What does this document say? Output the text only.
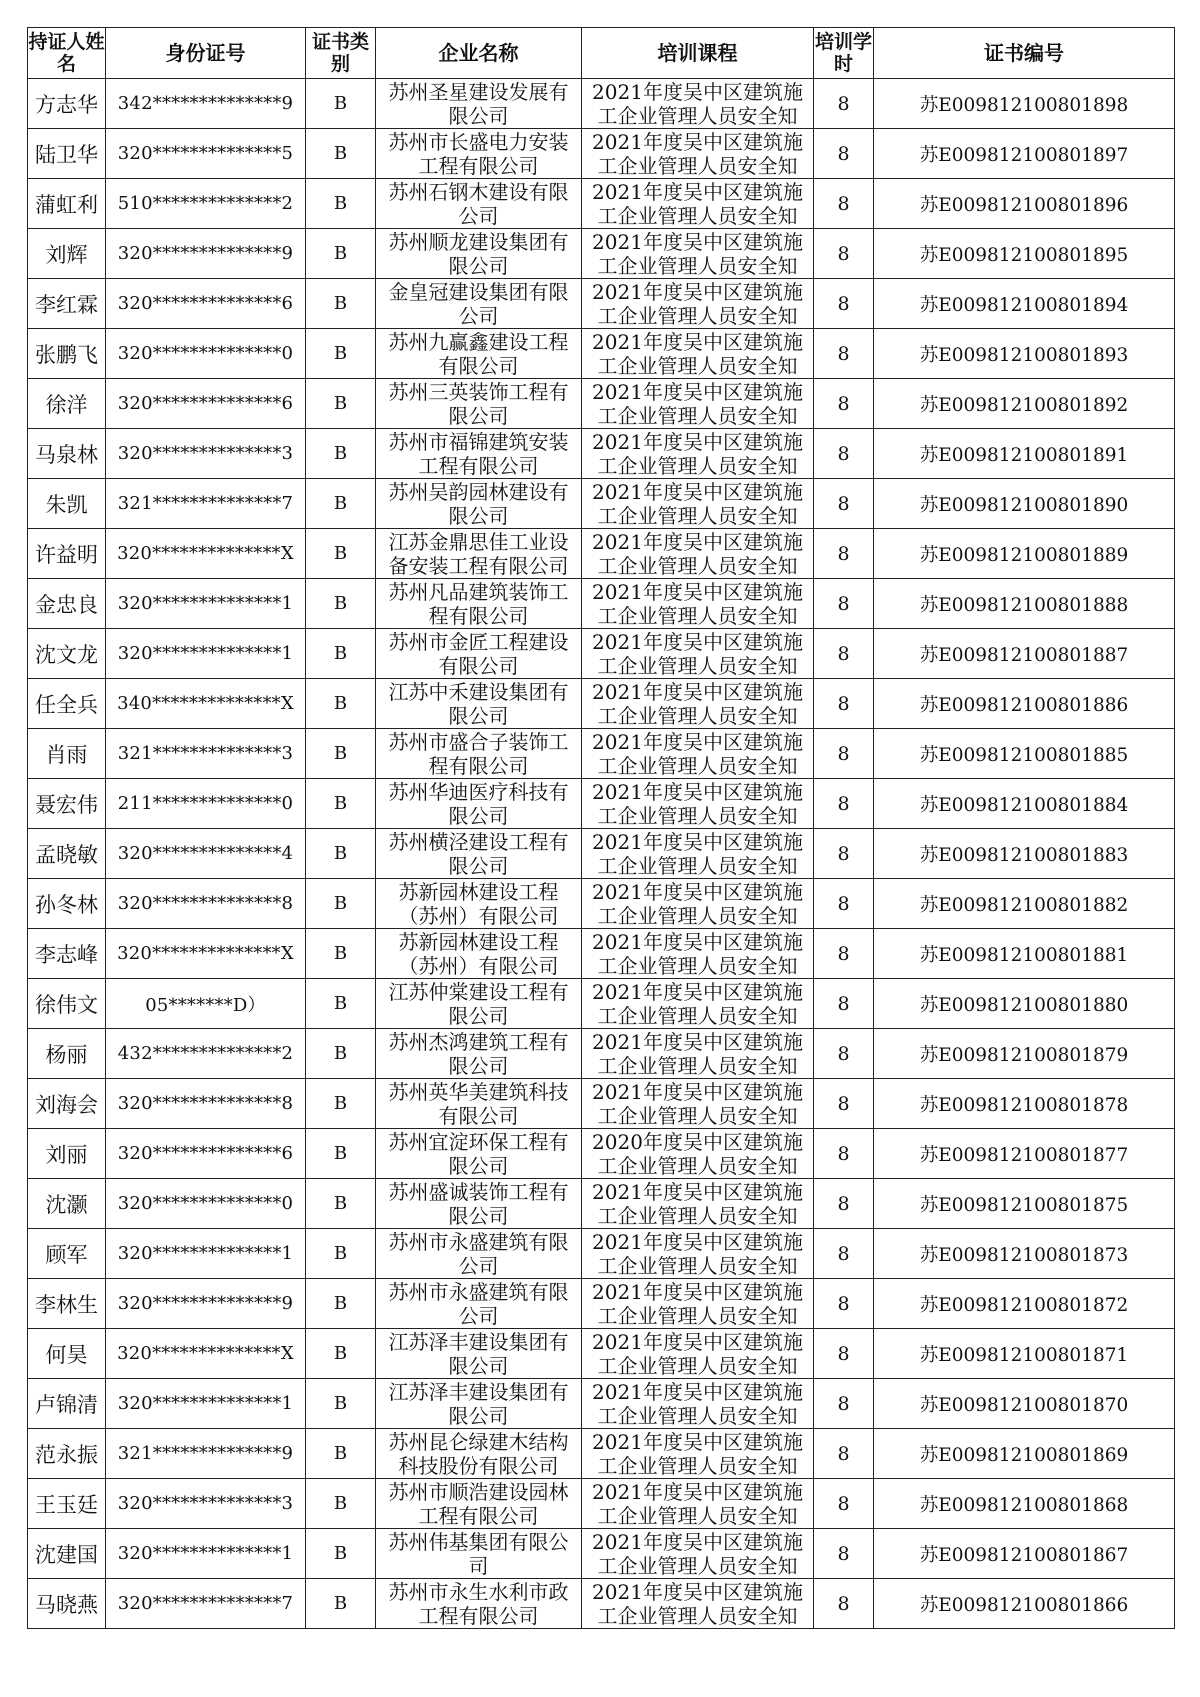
持证人姓名	身份证号	证书类别	企业名称	培训课程	培训学时	证书编号
方志华	342**************9	B	苏州圣星建设发展有限公司	2021年度吴中区建筑施工企业管理人员安全知	8	苏E009812100801898
陆卫华	320**************5	B	苏州市长盛电力安装工程有限公司	2021年度吴中区建筑施工企业管理人员安全知	8	苏E009812100801897
蒲虹利	510**************2	B	苏州石钢木建设有限公司	2021年度吴中区建筑施工企业管理人员安全知	8	苏E009812100801896
刘辉	320**************9	B	苏州顺龙建设集团有限公司	2021年度吴中区建筑施工企业管理人员安全知	8	苏E009812100801895
李红霖	320**************6	B	金皇冠建设集团有限公司	2021年度吴中区建筑施工企业管理人员安全知	8	苏E009812100801894
张鹏飞	320**************0	B	苏州九赢鑫建设工程有限公司	2021年度吴中区建筑施工企业管理人员安全知	8	苏E009812100801893
徐洋	320**************6	B	苏州三英装饰工程有限公司	2021年度吴中区建筑施工企业管理人员安全知	8	苏E009812100801892
马泉林	320**************3	B	苏州市福锦建筑安装工程有限公司	2021年度吴中区建筑施工企业管理人员安全知	8	苏E009812100801891
朱凯	321**************7	B	苏州吴韵园林建设有限公司	2021年度吴中区建筑施工企业管理人员安全知	8	苏E009812100801890
许益明	320**************X	B	江苏金鼎思佳工业设备安装工程有限公司	2021年度吴中区建筑施工企业管理人员安全知	8	苏E009812100801889
金忠良	320**************1	B	苏州凡品建筑装饰工程有限公司	2021年度吴中区建筑施工企业管理人员安全知	8	苏E009812100801888
沈文龙	320**************1	B	苏州市金匠工程建设有限公司	2021年度吴中区建筑施工企业管理人员安全知	8	苏E009812100801887
任全兵	340**************X	B	江苏中禾建设集团有限公司	2021年度吴中区建筑施工企业管理人员安全知	8	苏E009812100801886
肖雨	321**************3	B	苏州市盛合子装饰工程有限公司	2021年度吴中区建筑施工企业管理人员安全知	8	苏E009812100801885
聂宏伟	211**************0	B	苏州华迪医疗科技有限公司	2021年度吴中区建筑施工企业管理人员安全知	8	苏E009812100801884
孟晓敏	320**************4	B	苏州横泾建设工程有限公司	2021年度吴中区建筑施工企业管理人员安全知	8	苏E009812100801883
孙冬林	320**************8	B	苏新园林建设工程（苏州）有限公司	2021年度吴中区建筑施工企业管理人员安全知	8	苏E009812100801882
李志峰	320**************X	B	苏新园林建设工程（苏州）有限公司	2021年度吴中区建筑施工企业管理人员安全知	8	苏E009812100801881
徐伟文	05*******D）	B	江苏仲棠建设工程有限公司	2021年度吴中区建筑施工企业管理人员安全知	8	苏E009812100801880
杨丽	432**************2	B	苏州杰鸿建筑工程有限公司	2021年度吴中区建筑施工企业管理人员安全知	8	苏E009812100801879
刘海会	320**************8	B	苏州英华美建筑科技有限公司	2021年度吴中区建筑施工企业管理人员安全知	8	苏E009812100801878
刘丽	320**************6	B	苏州宜淀环保工程有限公司	2020年度吴中区建筑施工企业管理人员安全知	8	苏E009812100801877
沈灏	320**************0	B	苏州盛诚装饰工程有限公司	2021年度吴中区建筑施工企业管理人员安全知	8	苏E009812100801875
顾军	320**************1	B	苏州市永盛建筑有限公司	2021年度吴中区建筑施工企业管理人员安全知	8	苏E009812100801873
李林生	320**************9	B	苏州市永盛建筑有限公司	2021年度吴中区建筑施工企业管理人员安全知	8	苏E009812100801872
何昊	320**************X	B	江苏泽丰建设集团有限公司	2021年度吴中区建筑施工企业管理人员安全知	8	苏E009812100801871
卢锦清	320**************1	B	江苏泽丰建设集团有限公司	2021年度吴中区建筑施工企业管理人员安全知	8	苏E009812100801870
范永振	321**************9	B	苏州昆仑绿建木结构科技股份有限公司	2021年度吴中区建筑施工企业管理人员安全知	8	苏E009812100801869
王玉廷	320**************3	B	苏州市顺浩建设园林工程有限公司	2021年度吴中区建筑施工企业管理人员安全知	8	苏E009812100801868
沈建国	320**************1	B	苏州伟基集团有限公司	2021年度吴中区建筑施工企业管理人员安全知	8	苏E009812100801867
马晓燕	320**************7	B	苏州市永生水利市政工程有限公司	2021年度吴中区建筑施工企业管理人员安全知	8	苏E009812100801866
